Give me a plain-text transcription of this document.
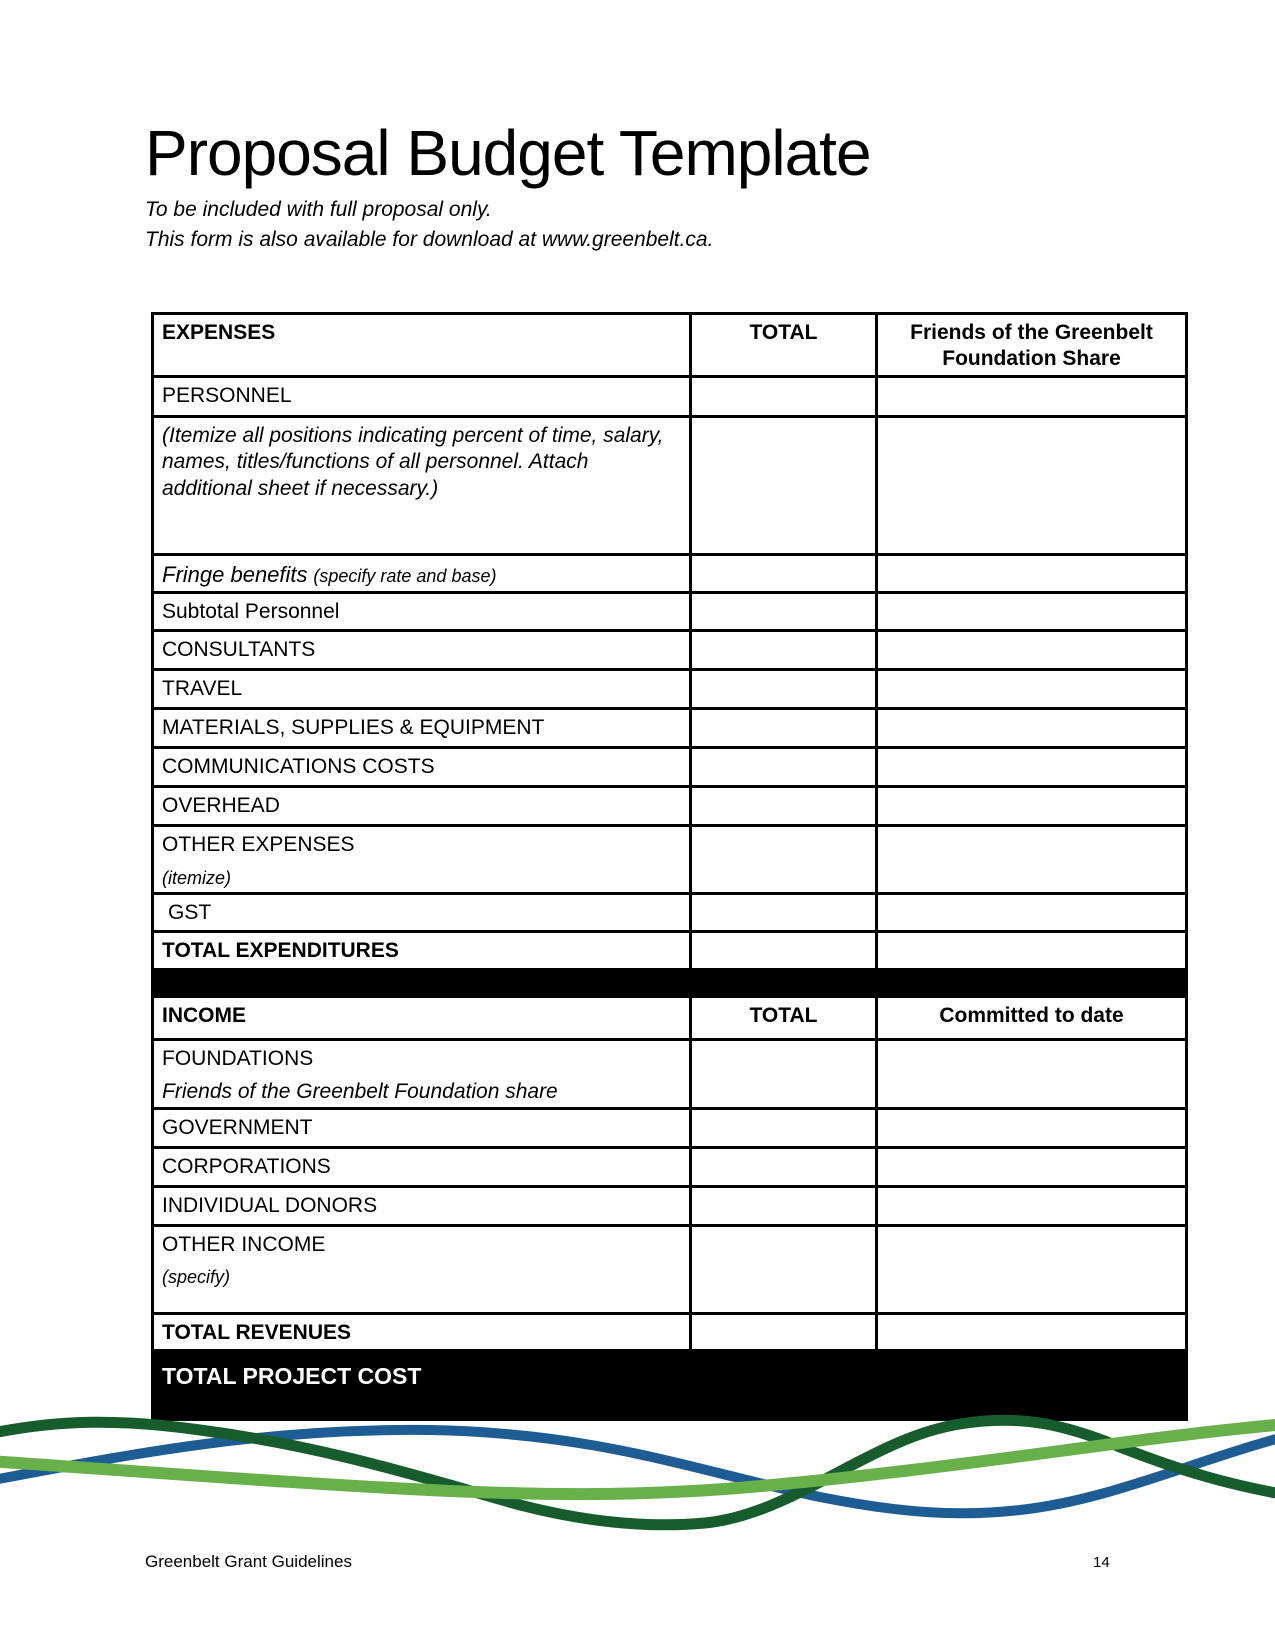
Proposal Budget Template
To be included with full proposal only.
This form is also available for download at www.greenbelt.ca.
EXPENSES	TOTAL	Friends of the Greenbelt Foundation Share
PERSONNEL		
(Itemize all positions indicating percent of time, salary, names, titles/functions of all personnel. Attach additional sheet if necessary.)		
Fringe benefits (specify rate and base)		
Subtotal Personnel		
CONSULTANTS		
TRAVEL		
MATERIALS, SUPPLIES & EQUIPMENT		
COMMUNICATIONS COSTS		
OVERHEAD		
OTHER EXPENSES
(itemize)		

GST		
TOTAL EXPENDITURES		

INCOME	TOTAL	Committed to date
FOUNDATIONS
Friends of the Greenbelt Foundation share		

GOVERNMENT		
CORPORATIONS		
INDIVIDUAL DONORS		
OTHER INCOME
(specify)		

TOTAL REVENUES		
TOTAL PROJECT COST		
Greenbelt Grant Guidelines	14
